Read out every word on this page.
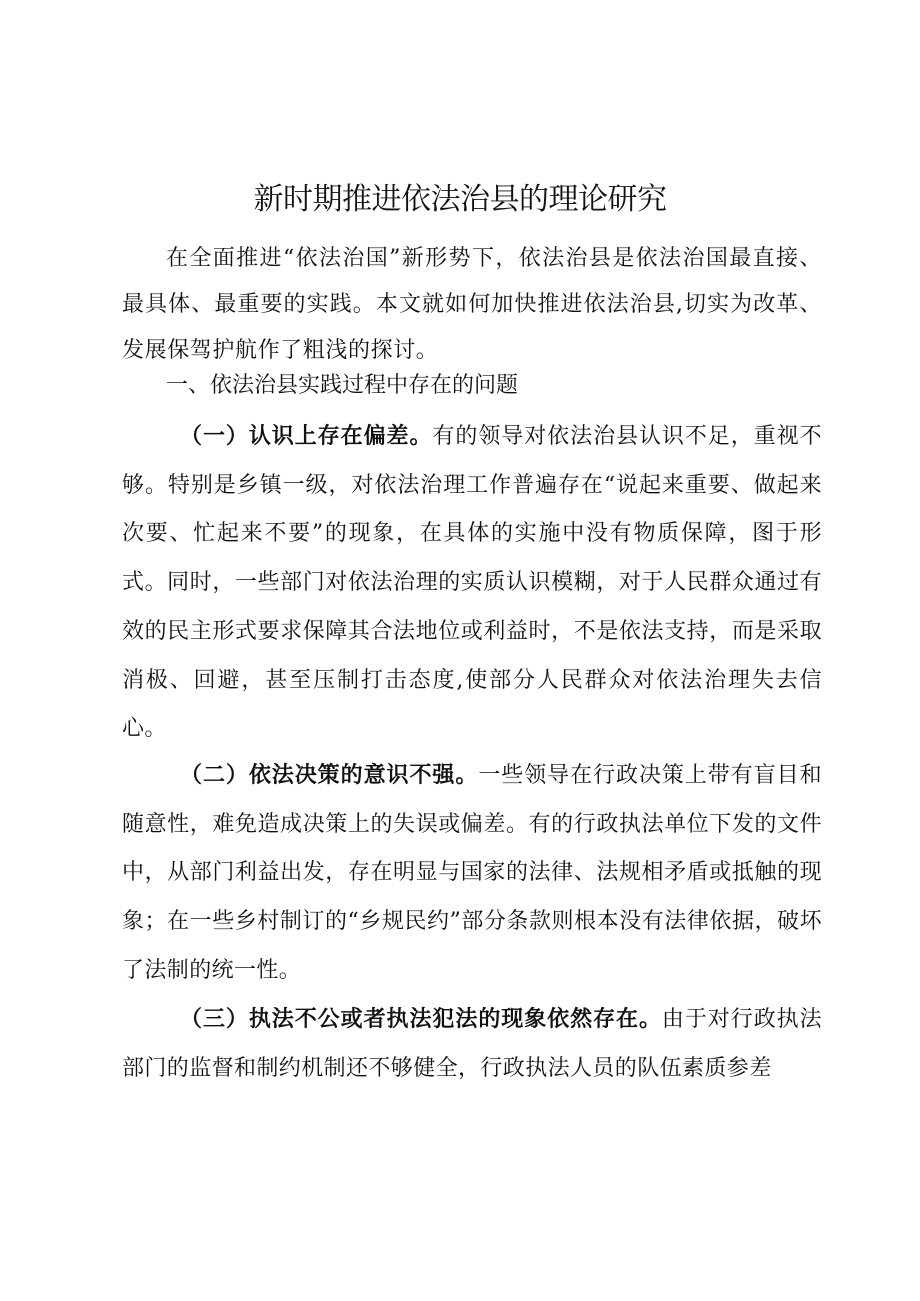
新时期推进依法治县的理论研究

在全面推进“依法治国”新形势下，依法治县是依法治国最直接、最具体、最重要的实践。本文就如何加快推进依法治县,切实为改革、发展保驾护航作了粗浅的探讨。

一、依法治县实践过程中存在的问题

（一）认识上存在偏差。有的领导对依法治县认识不足，重视不够。特别是乡镇一级，对依法治理工作普遍存在“说起来重要、做起来次要、忙起来不要”的现象，在具体的实施中没有物质保障，图于形式。同时，一些部门对依法治理的实质认识模糊，对于人民群众通过有效的民主形式要求保障其合法地位或利益时，不是依法支持，而是采取消极、回避，甚至压制打击态度,使部分人民群众对依法治理失去信心。

（二）依法决策的意识不强。一些领导在行政决策上带有盲目和随意性，难免造成决策上的失误或偏差。有的行政执法单位下发的文件中，从部门利益出发，存在明显与国家的法律、法规相矛盾或抵触的现象；在一些乡村制订的“乡规民约”部分条款则根本没有法律依据，破坏了法制的统一性。

（三）执法不公或者执法犯法的现象依然存在。由于对行政执法部门的监督和制约机制还不够健全，行政执法人员的队伍素质参差
